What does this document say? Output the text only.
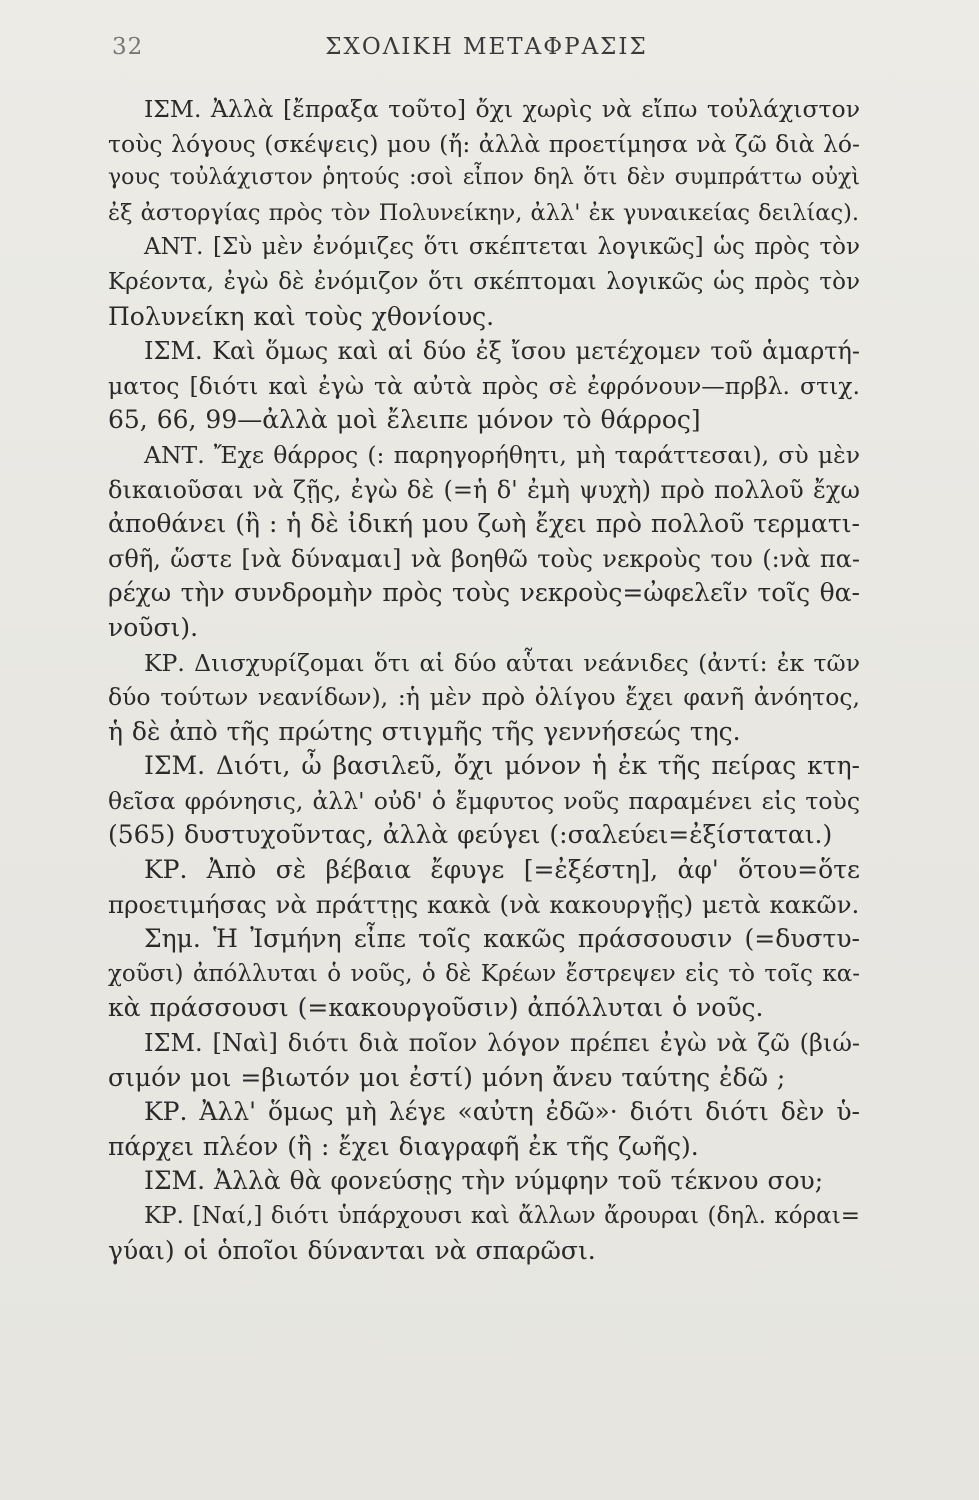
32	ΣΧΟΛΙΚΗ ΜΕΤΑΦΡΑΣΙΣ
ΙΣΜ. Ἀλλὰ [ἔπραξα τοῦτο] ὄχι χωρὶς νὰ εἴπω τοὐλάχιστον
τοὺς λόγους (σκέψεις) μου (ἤ: ἀλλὰ προετίμησα νὰ ζῶ διὰ λό-
γους τοὐλάχιστον ῥητούς :σοὶ εἶπον δηλ ὅτι δὲν συμπράττω οὐχὶ
ἐξ ἀστοργίας πρὸς τὸν Πολυνείκην, ἀλλ' ἐκ γυναικείας δειλίας).
ΑΝΤ. [Σὺ μὲν ἐνόμιζες ὅτι σκέπτεται λογικῶς] ὡς πρὸς τὸν
Κρέοντα, ἐγὼ δὲ ἐνόμιζον ὅτι σκέπτομαι λογικῶς ὡς πρὸς τὸν
Πολυνείκη καὶ τοὺς χθονίους.
ΙΣΜ. Καὶ ὅμως καὶ αἱ δύο ἐξ ἴσου μετέχομεν τοῦ ἁμαρτή-
ματος [διότι καὶ ἐγὼ τὰ αὐτὰ πρὸς σὲ ἐφρόνουν—πρβλ. στιχ.
65, 66, 99—ἀλλὰ μοὶ ἔλειπε μόνον τὸ θάρρος]
ΑΝΤ. Ἔχε θάρρος (: παρηγορήθητι, μὴ ταράττεσαι), σὺ μὲν
δικαιοῦσαι νὰ ζῇς, ἐγὼ δὲ (=ἡ δ' ἐμὴ ψυχὴ) πρὸ πολλοῦ ἔχω
ἀποθάνει (ἢ : ἡ δὲ ἰδική μου ζωὴ ἔχει πρὸ πολλοῦ τερματι-
σθῆ, ὥστε [νὰ δύναμαι] νὰ βοηθῶ τοὺς νεκροὺς του (:νὰ πα-
ρέχω τὴν συνδρομὴν πρὸς τοὺς νεκροὺς=ὠφελεῖν τοῖς θα-
νοῦσι).
ΚΡ. Διισχυρίζομαι ὅτι αἱ δύο αὗται νεάνιδες (ἀντί: ἐκ τῶν
δύο τούτων νεανίδων), :ἡ μὲν πρὸ ὀλίγου ἔχει φανῆ ἀνόητος,
ἡ δὲ ἀπὸ τῆς πρώτης στιγμῆς τῆς γεννήσεώς της.
ΙΣΜ. Διότι, ὦ βασιλεῦ, ὄχι μόνον ἡ ἐκ τῆς πείρας κτη-
θεῖσα φρόνησις, ἀλλ' οὐδ' ὁ ἔμφυτος νοῦς παραμένει εἰς τοὺς
(565) δυστυχοῦντας, ἀλλὰ φεύγει (:σαλεύει=ἐξίσταται.)
ΚΡ. Ἀπὸ σὲ βέβαια ἔφυγε [=ἐξέστη], ἀφ' ὅτου=ὅτε
προετιμήσας νὰ πράττῃς κακὰ (νὰ κακουργῇς) μετὰ κακῶν.
Σημ. Ἡ Ἰσμήνη εἶπε τοῖς κακῶς πράσσουσιν (=δυστυ-
χοῦσι) ἀπόλλυται ὁ νοῦς, ὁ δὲ Κρέων ἔστρεψεν εἰς τὸ τοῖς κα-
κὰ πράσσουσι (=κακουργοῦσιν) ἀπόλλυται ὁ νοῦς.
ΙΣΜ. [Ναὶ] διότι διὰ ποῖον λόγον πρέπει ἐγὼ νὰ ζῶ (βιώ-
σιμόν μοι =βιωτόν μοι ἐστί) μόνη ἄνευ ταύτης ἐδῶ ;
ΚΡ. Ἀλλ' ὅμως μὴ λέγε «αὐτη ἐδῶ»· διότι διότι δὲν ὑ-
πάρχει πλέον (ἢ : ἔχει διαγραφῆ ἐκ τῆς ζωῆς).
ΙΣΜ. Ἀλλὰ θὰ φονεύσῃς τὴν νύμφην τοῦ τέκνου σου;
ΚΡ. [Ναί,] διότι ὑπάρχουσι καὶ ἄλλων ἄρουραι (δηλ. κόραι=
γύαι) οἱ ὁποῖοι δύνανται νὰ σπαρῶσι.
